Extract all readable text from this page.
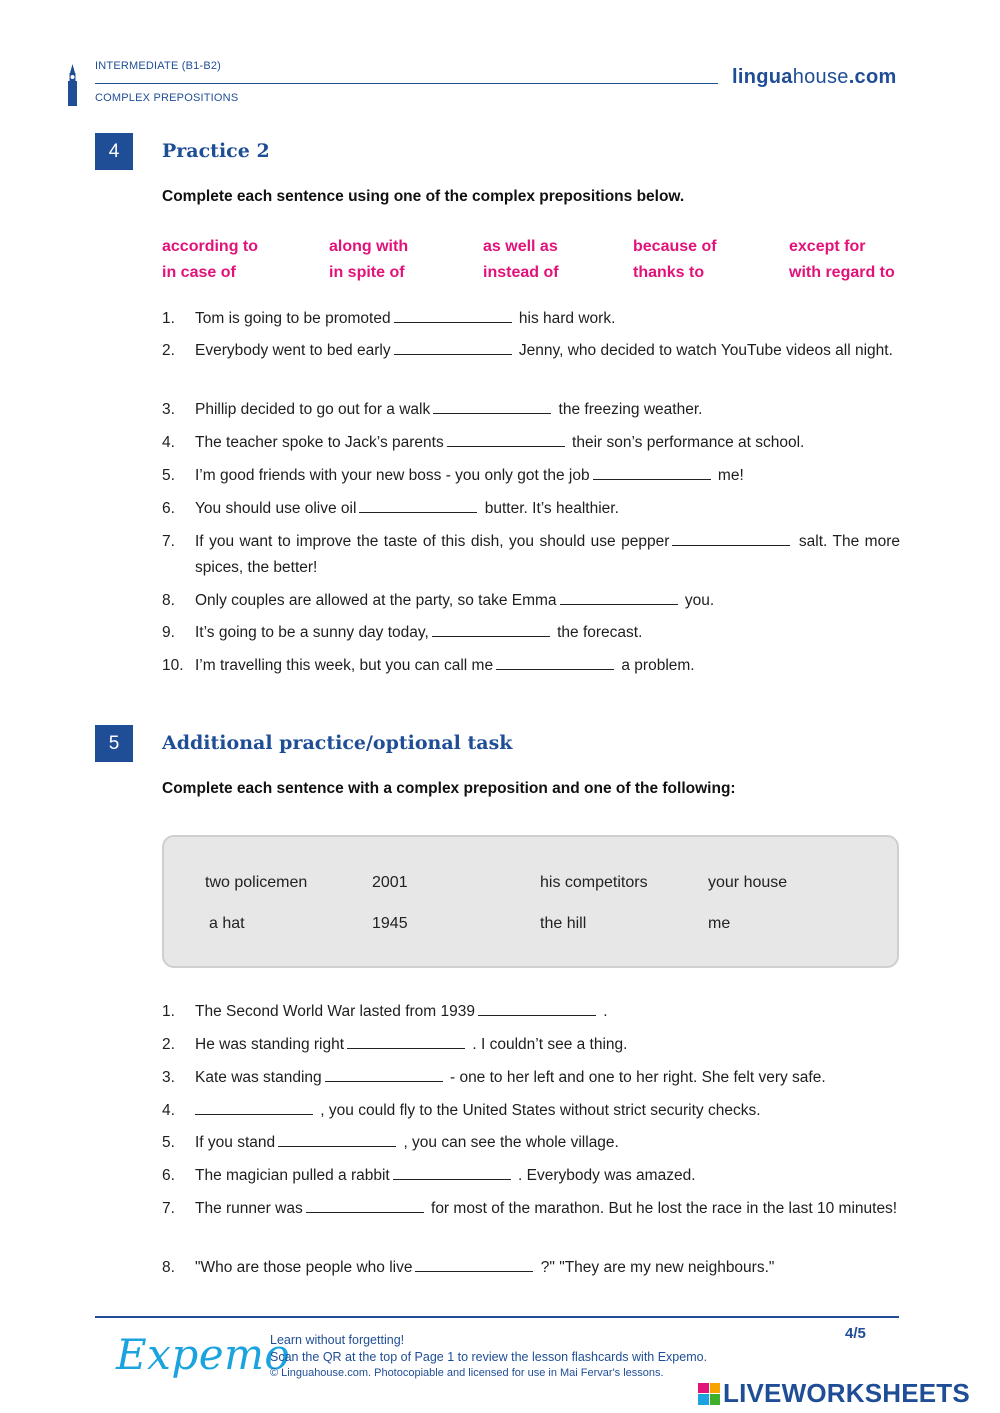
INTERMEDIATE (B1-B2)
COMPLEX PREPOSITIONS
linguahouse.com
4	Practice 2
Complete each sentence using one of the complex prepositions below.
according to	along with	as well as	because of	except for
in case of	in spite of	instead of	thanks to	with regard to
1.	Tom is going to be promoted	his hard work.
2.	Everybody went to bed early	Jenny, who decided to watch YouTube videos all night.
3.	Phillip decided to go out for a walk	the freezing weather.
4.	The teacher spoke to Jack’s parents	their son’s performance at school.
5.	I’m good friends with your new boss - you only got the job	me!
6.	You should use olive oil	butter. It’s healthier.
7.	If you want to improve the taste of this dish, you should use pepper	salt. The more spices, the better!
8.	Only couples are allowed at the party, so take Emma	you.
9.	It’s going to be a sunny day today,	the forecast.
10. I’m travelling this week, but you can call me	a problem.
5	Additional practice/optional task
Complete each sentence with a complex preposition and one of the following:
two policemen	2001	his competitors	your house
a hat	1945	the hill	me
1.	The Second World War lasted from 1939	.
2.	He was standing right	. I couldn’t see a thing.
3.	Kate was standing	- one to her left and one to her right. She felt very safe.
4.	, you could fly to the United States without strict security checks.
5.	If you stand	, you can see the whole village.
6.	The magician pulled a rabbit	. Everybody was amazed.
7.	The runner was	for most of the marathon. But he lost the race in the last 10 minutes!
8.	"Who are those people who live	?" "They are my new neighbours."
Expemo
Learn without forgetting!
Scan the QR at the top of Page 1 to review the lesson flashcards with Expemo.
© Linguahouse.com. Photocopiable and licensed for use in Mai Fervar's lessons.
4/5
LIVEWORKSHEETS
